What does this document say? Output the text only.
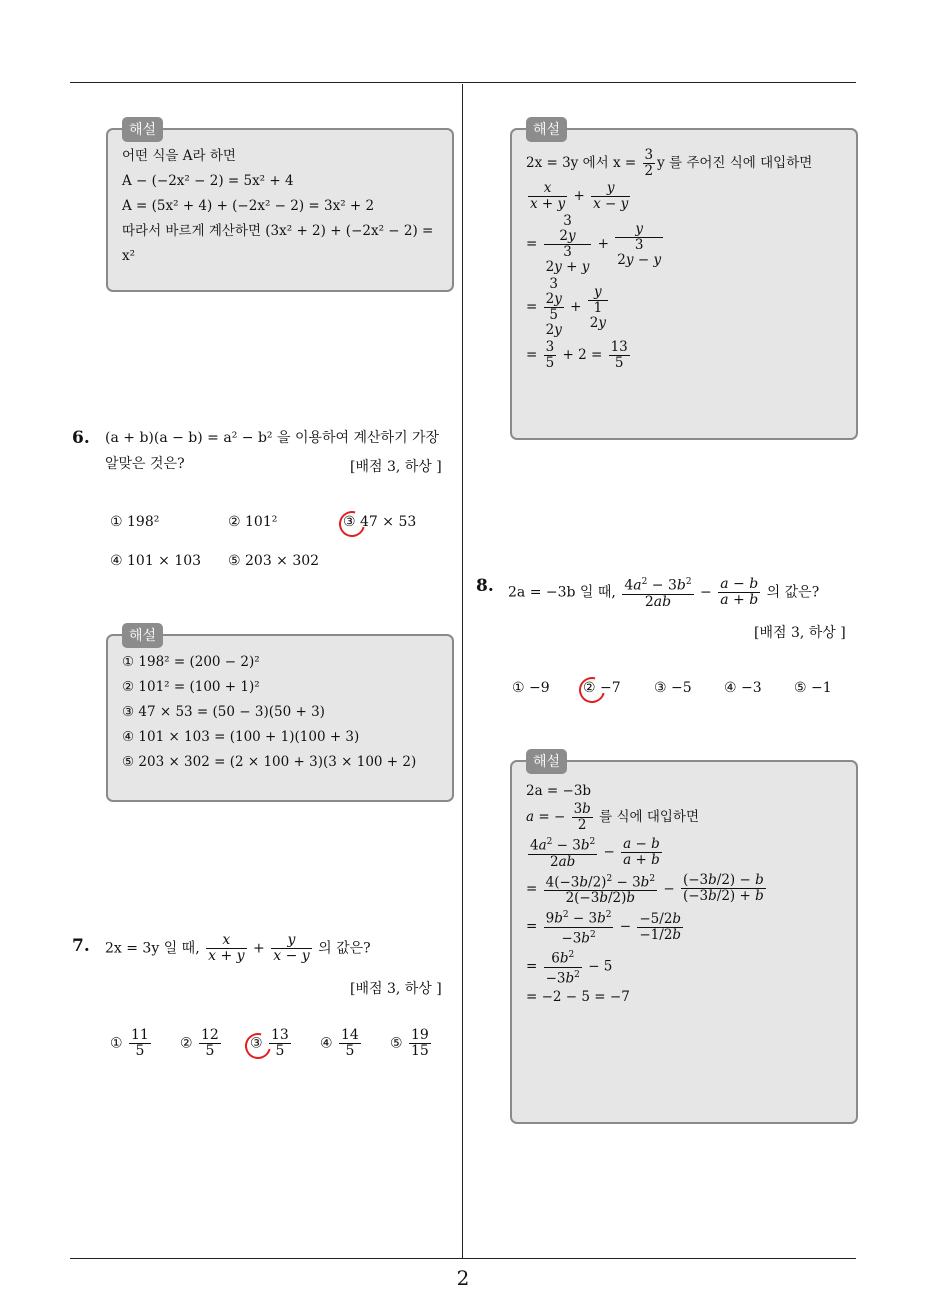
2
해설
어떤 식을 A라 하면
A − (−2x² − 2) = 5x² + 4
A = (5x² + 4) + (−2x² − 2) = 3x² + 2
따라서 바르게 계산하면 (3x² + 2) + (−2x² − 2) =
x²
6. (a + b)(a − b) = a² − b² 을 이용하여 계산하기 가장
알맞은 것은?	[배점 3, 하상 ]
① 198²	② 101²	③ 47 × 53
④ 101 × 103 ⑤ 203 × 302
해설
① 198² = (200 − 2)²
② 101² = (100 + 1)²
③ 47 × 53 = (50 − 3)(50 + 3)
④ 101 × 103 = (100 + 1)(100 + 3)
⑤ 203 × 302 = (2 × 100 + 3)(3 × 100 + 2)
7. 2x = 3y 일 때, $\frac{x}{x + y} + \frac{y}{x - y}$ 의 값은?
[배점 3, 하상 ]
① $\frac{11}{5}$ ② $\frac{12}{5}$ ③ $\frac{13}{5}$ ④ $\frac{14}{5}$ ⑤ $\frac{19}{15}$
해설
2x = 3y 에서 $x = \frac{3}{2}$ y 를 주어진 식에 대입하면
$\frac{x}{x + y} + \frac{y}{x - y}$
=
3
2y
3
2y + y
+
y
3
2y − y
=
3
2y
5
2y
+
y
1
2y
= $\frac{3}{5} + 2 = \frac{13}{5}$
8. 2a = −3b 일 때, $\frac{4a^2 - 3b^2}{2ab} - \frac{a - b}{a + b}$ 의 값은?
[배점 3, 하상 ]
① −9 ② −7 ③ −5 ④ −3 ⑤ −1
해설
2a = −3b
a = − $\frac{3b}{2}$ 를 식에 대입하면
$\frac{4a^2 - 3b^2}{2ab} - \frac{a - b}{a + b}$
= $\frac{4(-3b/2)^2 - 3b^2}{2(-3b/2)b} - \frac{(-3b/2) - b}{(-3b/2) + b}$
= $\frac{9b^2 - 3b^2}{-3b^2} - \frac{-5/2b}{-1/2b}$
= $\frac{6b^2}{-3b^2} - 5$
= −2 − 5 = −7
